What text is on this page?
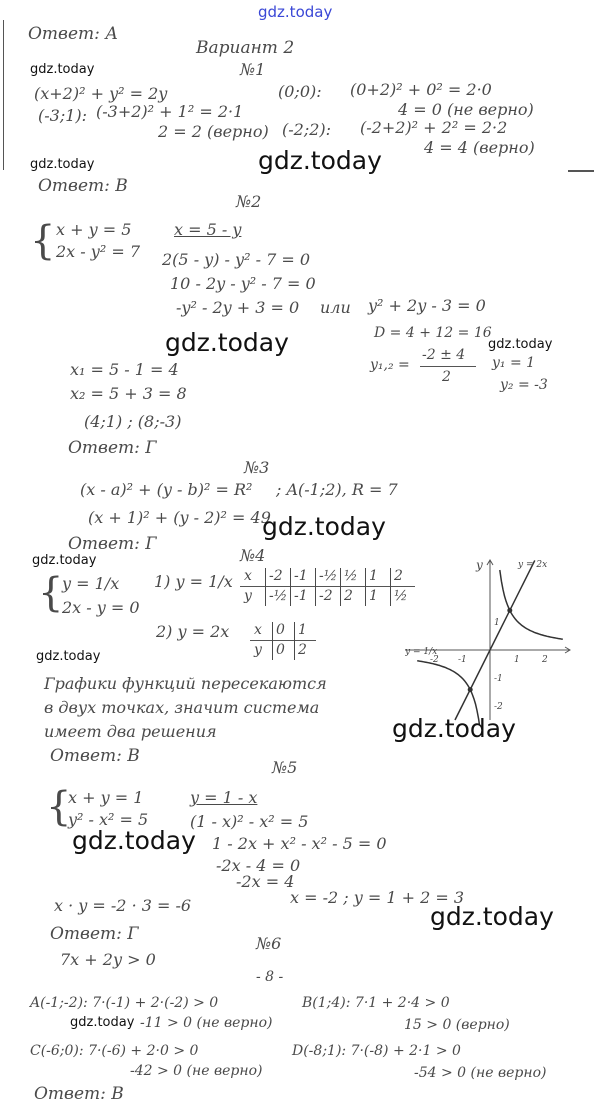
gdz.today
Ответ: А
Вариант 2
gdz.today	№1
(x+2)² + y² = 2y
(-3;1): (-3+2)² + 1² = 2·1
2 = 2 (верно)
(0;0): (0+2)² + 0² = 2·0
4 = 0 (не верно)
(-2;2): (-2+2)² + 2² = 2·2
4 = 4 (верно)
gdz.today	gdz.today
Ответ: В
№2
{ x + y = 5
2x - y² = 7
x = 5 - y
2(5 - y) - y² - 7 = 0
10 - 2y - y² - 7 = 0
-y² - 2y + 3 = 0 или y² + 2y - 3 = 0
D = 4 + 12 = 16
gdz.today	gdz.today
y₁,₂ =
-2 ± 4
2
y₁ = 1
y₂ = -3
x₁ = 5 - 1 = 4
x₂ = 5 + 3 = 8
(4;1) ; (8;-3)
Ответ: Г
№3
(x - a)² + (y - b)² = R² ; A(-1;2), R = 7
(x + 1)² + (y - 2)² = 49
gdz.today
Ответ: Г
№4
gdz.today
{
y = 1/x
2x - y = 0
1) y = 1/x x -2 -1 -½ ½ 1 2
y -½ -1 -2 2 1 ½
2) y = 2x x 0 1
y 0 2
y	y = 2x
y = 1/x
-2 -1	1 2
1
-1
-2
gdz.today
Графики функций пересекаются
в двух точках, значит система
имеет два решения	gdz.today
Ответ: В
№5
{
x + y = 1
y² - x² = 5
y = 1 - x
(1 - x)² - x² = 5
gdz.today 1 - 2x + x² - x² - 5 = 0
-2x - 4 = 0
-2x = 4
x = -2 ; y = 1 + 2 = 3
x · y = -2 · 3 = -6	gdz.today
Ответ: Г	№6
7x + 2y > 0
- 8 -
A(-1;-2): 7·(-1) + 2·(-2) > 0
gdz.today -11 > 0 (не верно)
B(1;4): 7·1 + 2·4 > 0
15 > 0 (верно)
C(-6;0): 7·(-6) + 2·0 > 0
-42 > 0 (не верно)
D(-8;1): 7·(-8) + 2·1 > 0
-54 > 0 (не верно)
Ответ: В
